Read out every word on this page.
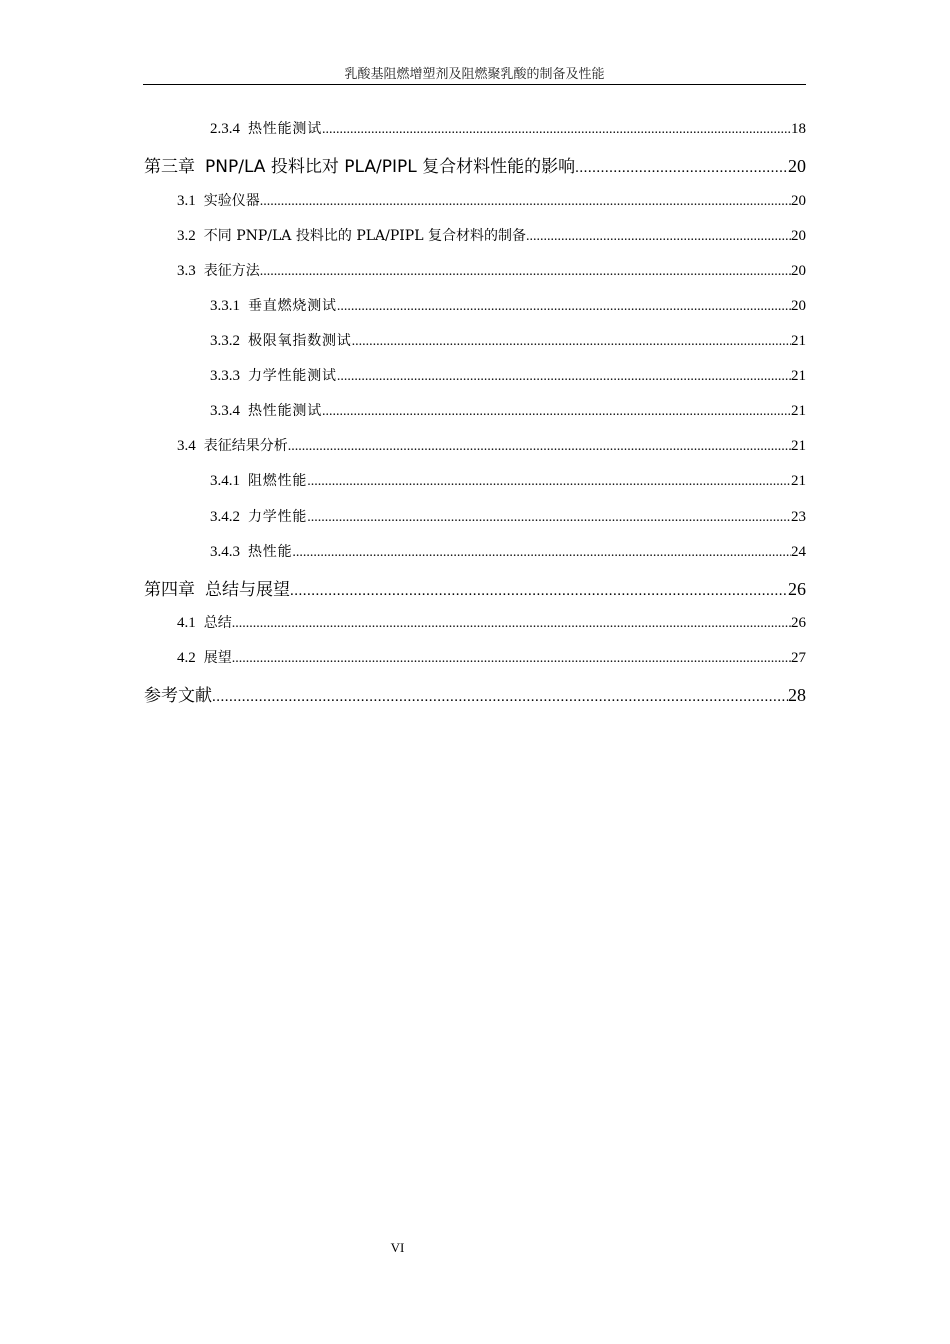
乳酸基阻燃增塑剂及阻燃聚乳酸的制备及性能
2.3.4 热性能测试 .....	18
第三章 PNP/LA 投料比对 PLA/PIPL 复合材料性能的影响 .....	20
3.1 实验仪器 .....	20
3.2 不同 PNP/LA 投料比的 PLA/PIPL 复合材料的制备 .....	20
3.3 表征方法 .....	20
3.3.1 垂直燃烧测试 .....	20
3.3.2 极限氧指数测试 .....	21
3.3.3 力学性能测试 .....	21
3.3.4 热性能测试 .....	21
3.4 表征结果分析 .....	21
3.4.1 阻燃性能 .....	21
3.4.2 力学性能 .....	23
3.4.3 热性能 .....	24
第四章 总结与展望 .....	26
4.1 总结 .....	26
4.2 展望 .....	27
参考文献 .....	28
VI
